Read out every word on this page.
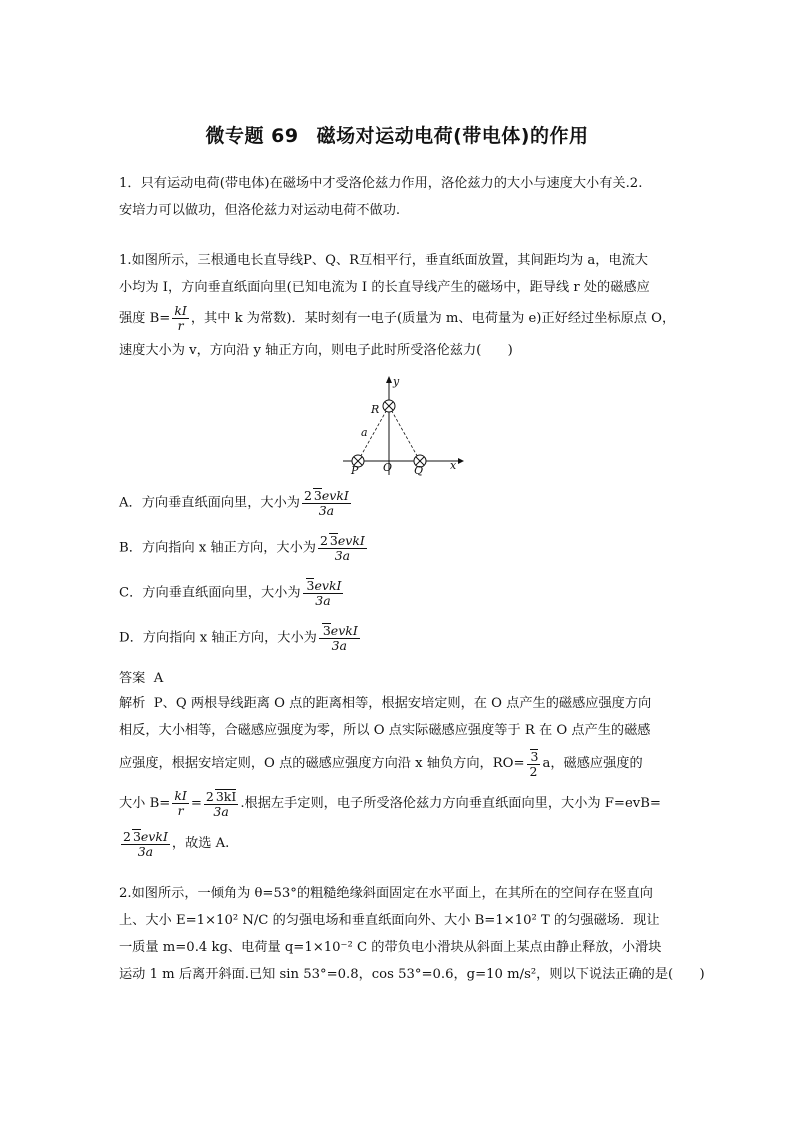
微专题 69 磁场对运动电荷(带电体)的作用
1．只有运动电荷(带电体)在磁场中才受洛伦兹力作用，洛伦兹力的大小与速度大小有关.2.
安培力可以做功，但洛伦兹力对运动电荷不做功.
1.如图所示，三根通电长直导线P、Q、R互相平行，垂直纸面放置，其间距均为 a，电流大
小均为 I，方向垂直纸面向里(已知电流为 I 的长直导线产生的磁场中，距导线 r 处的磁感应
强度 $B= \frac{kI}{r}$ ，其中 k 为常数)．某时刻有一电子(质量为 m、电荷量为 e)正好经过坐标原点 O，
速度大小为 v，方向沿 y 轴正方向，则电子此时所受洛伦兹力(　　)
y
x
R
a
P O Q
A．方向垂直纸面向里，大小为 $\frac{\text{2 3evkI}}{3a}$
B．方向指向 x 轴正方向，大小为 $\frac{\text{2 3evkI}}{3a}$
C．方向垂直纸面向里，大小为 $\frac{\text{3evkI}}{3a}$
D．方向指向 x 轴正方向，大小为 $\frac{\text{3evkI}}{3a}$
答案 A
解析 P、Q 两根导线距离 O 点的距离相等，根据安培定则，在 O 点产生的磁感应强度方向
相反，大小相等，合磁感应强度为零，所以 O 点实际磁感应强度等于 R 在 O 点产生的磁感
应强度，根据安培定则，O 点的磁感应强度方向沿 x 轴负方向，$RO= \frac{3}{2}$ a，磁感应强度的
大小 $B= \frac{kI}{r} = \frac{2 3kI}{3a}$ .根据左手定则，电子所受洛伦兹力方向垂直纸面向里，大小为 F=evB=
$\frac{\text{2 3evkI}}{3a}$ ，故选 A.
2.如图所示，一倾角为 θ=53°的粗糙绝缘斜面固定在水平面上，在其所在的空间存在竖直向
上、大小 E=1×10² N/C 的匀强电场和垂直纸面向外、大小 B=1×10² T 的匀强磁场．现让
一质量 m=0.4 kg、电荷量 q=1×10⁻² C 的带负电小滑块从斜面上某点由静止释放，小滑块
运动 1 m 后离开斜面.已知 sin 53°=0.8，cos 53°=0.6，g=10 m/s²，则以下说法正确的是(　　)
